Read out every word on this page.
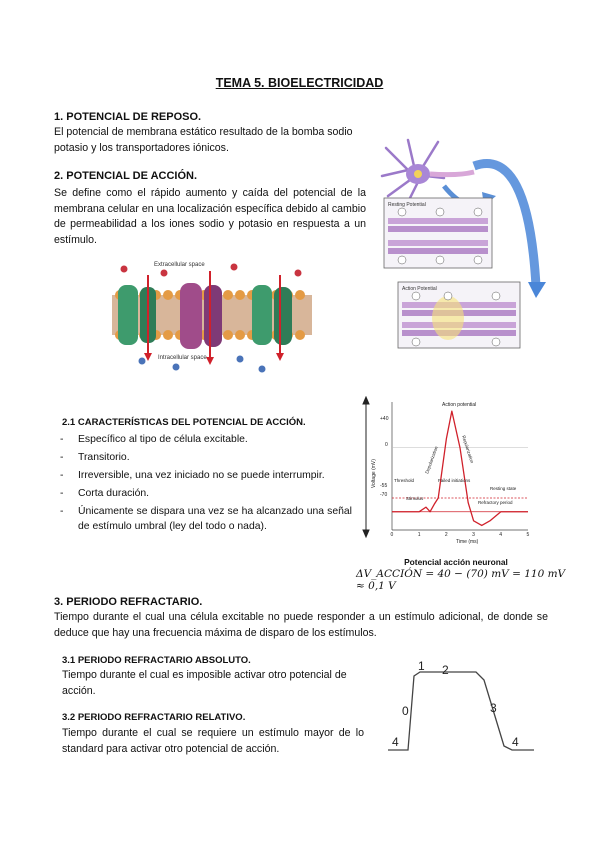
TEMA 5. BIOELECTRICIDAD
1. POTENCIAL DE REPOSO.
El potencial de membrana estático resultado de la bomba sodio potasio y los transportadores iónicos.
2. POTENCIAL DE ACCIÓN.
Se define como el rápido aumento y caída del potencial de la membrana celular en una localización específica debido al cambio de permeabilidad a los iones sodio y potasio en respuesta a un estímulo.
Extracellular space
Intracellular space
Resting Potential
Action Potential
2.1 CARACTERÍSTICAS DEL POTENCIAL DE ACCIÓN.
- Específico al tipo de célula excitable.
- Transitorio.
- Irreversible, una vez iniciado no se puede interrumpir.
- Corta duración.
- Únicamente se dispara una vez se ha alcanzado una señal de estímulo umbral (ley del todo o nada).
Voltage (mV)
0	1	2	3	4	5
+40
0
-55
-70
Time (ms)
Action potential
Depolarization	Repolarization
Threshold	Failed initiations
Stimulus
Resting state
Refractory period
Potencial acción neuronal
ΔV_ACCIÓN = 40 − (70) mV = 110 mV ≈ 0,1 V
3. PERIODO REFRACTARIO.
Tiempo durante el cual una célula excitable no puede responder a un estímulo adicional, de donde se deduce que hay una frecuencia máxima de disparo de los estímulos.
3.1 PERIODO REFRACTARIO ABSOLUTO.
Tiempo durante el cual es imposible activar otro potencial de acción.
3.2 PERIODO REFRACTARIO RELATIVO.
Tiempo durante el cual se requiere un estímulo mayor de lo standard para activar otro potencial de acción.
0
1 2
3
4	4
